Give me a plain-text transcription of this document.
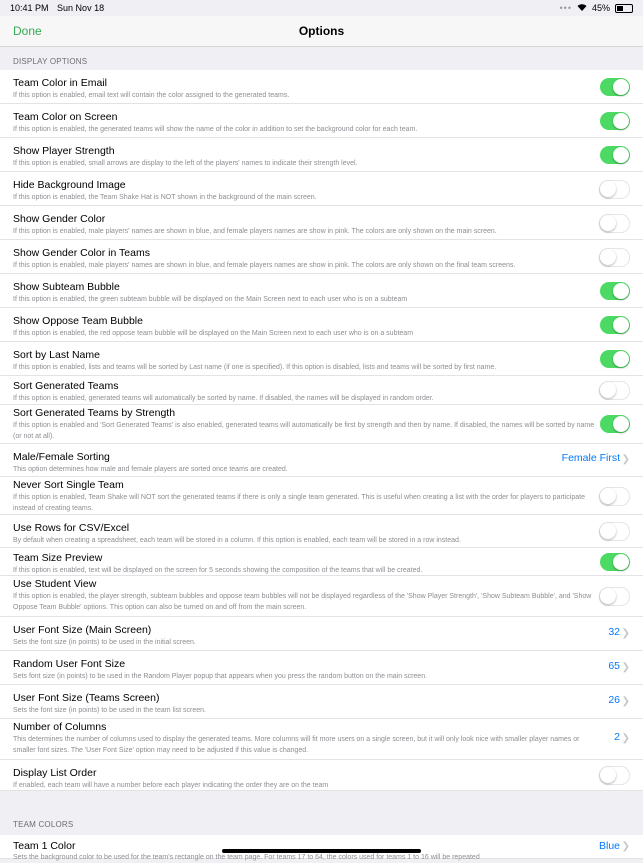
10:41 PM Sun Nov 18	••• 45%
Done	Options
DISPLAY OPTIONS
Team Color in Email
If this option is enabled, email text will contain the color assigned to the generated teams.
Team Color on Screen
If this option is enabled, the generated teams will show the name of the color in addition to set the background color for each team.
Show Player Strength
If this option is enabled, small arrows are display to the left of the players' names to indicate their strength level.
Hide Background Image
If this option is enabled, the Team Shake Hat is NOT shown in the background of the main screen.
Show Gender Color
If this option is enabled, male players' names are shown in blue, and female players names are show in pink. The colors are only shown on the main screen.
Show Gender Color in Teams
If this option is enabled, male players' names are shown in blue, and female players names are show in pink. The colors are only shown on the final team screens.
Show Subteam Bubble
If this option is enabled, the green subteam bubble will be displayed on the Main Screen next to each user who is on a subteam
Show Oppose Team Bubble
If this option is enabled, the red oppose team bubble will be displayed on the Main Screen next to each user who is on a subteam
Sort by Last Name
If this option is enabled, lists and teams will be sorted by Last name (if one is specified). If this option is disabled, lists and teams will be sorted by first name.
Sort Generated Teams
If this option is enabled, generated teams will automatically be sorted by name. If disabled, the names will be displayed in random order.
Sort Generated Teams by Strength
If this option is enabled and 'Sort Generated Teams' is also enabled, generated teams will automatically be first by strength and then by name. If disabled, the names will be sorted by name (or not at all).
Male/Female Sorting
This option determines how male and female players are sorted once teams are created.
Female First ❯
Never Sort Single Team
If this option is enabled, Team Shake will NOT sort the generated teams if there is only a single team generated. This is useful when creating a list with the order for players to participate instead of creating teams.
Use Rows for CSV/Excel
By default when creating a spreadsheet, each team will be stored in a column. If this option is enabled, each team will be stored in a row instead.
Team Size Preview
If this option is enabled, text will be displayed on the screen for 5 seconds showing the composition of the teams that will be created.
Use Student View
If this option is enabled, the player strength, subteam bubbles and oppose team bubbles will not be displayed regardless of the 'Show Player Strength', 'Show Subteam Bubble', and 'Show Oppose Team Bubble' options. This option can also be turned on and off from the main screen.
User Font Size (Main Screen)
Sets the font size (in points) to be used in the initial screen.
32 ❯
Random User Font Size
Sets font size (in points) to be used in the Random Player popup that appears when you press the random button on the main screen.
65 ❯
User Font Size (Teams Screen)
Sets the font size (in points) to be used in the team list screen.
26 ❯
Number of Columns
This determines the number of columns used to display the generated teams. More columns will fit more users on a single screen, but it will only look nice with smaller player names or smaller font sizes. The 'User Font Size' option may need to be adjusted if this value is changed.
2 ❯
Display List Order
If enabled, each team will have a number before each player indicating the order they are on the team
TEAM COLORS
Team 1 Color
Sets the background color to be used for the team's rectangle on the team page. For teams 17 to 64, the colors used for teams 1 to 16 will be repeated
Blue ❯
